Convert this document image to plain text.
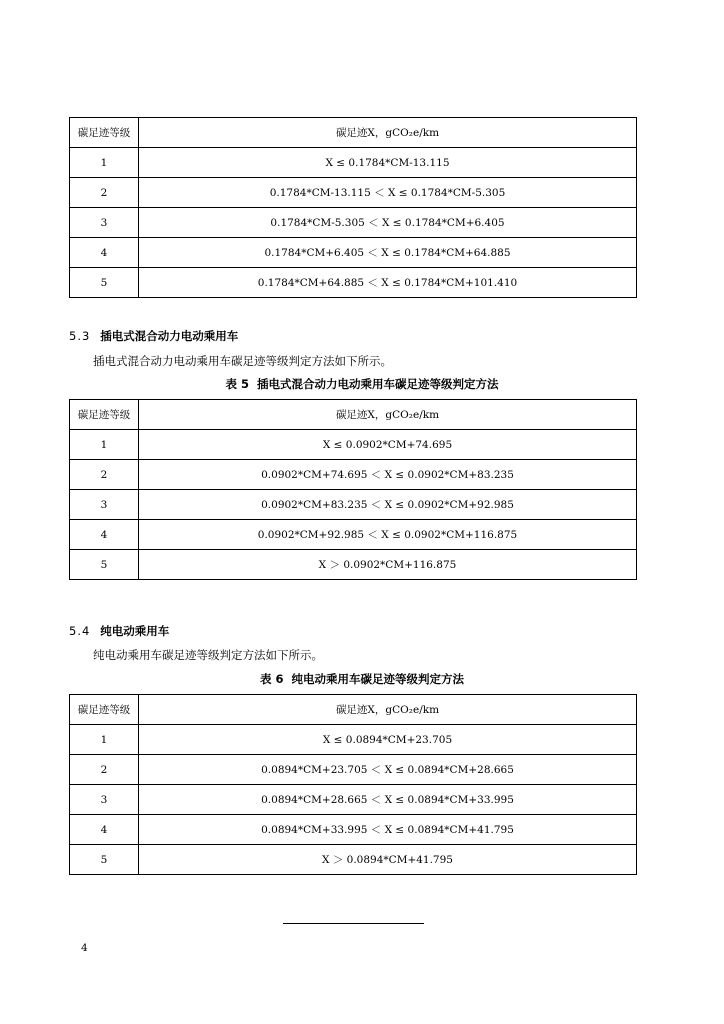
碳足迹等级	碳足迹X，gCO₂e/km
1	X ≤ 0.1784*CM-13.115
2	0.1784*CM-13.115 ＜ X ≤ 0.1784*CM-5.305
3	0.1784*CM-5.305 ＜ X ≤ 0.1784*CM+6.405
4	0.1784*CM+6.405 ＜ X ≤ 0.1784*CM+64.885
5	0.1784*CM+64.885 ＜ X ≤ 0.1784*CM+101.410
5.3 插电式混合动力电动乘用车
插电式混合动力电动乘用车碳足迹等级判定方法如下所示。
表 5 插电式混合动力电动乘用车碳足迹等级判定方法
碳足迹等级	碳足迹X，gCO₂e/km
1	X ≤ 0.0902*CM+74.695
2	0.0902*CM+74.695 ＜ X ≤ 0.0902*CM+83.235
3	0.0902*CM+83.235 ＜ X ≤ 0.0902*CM+92.985
4	0.0902*CM+92.985 ＜ X ≤ 0.0902*CM+116.875
5	X ＞ 0.0902*CM+116.875
5.4 纯电动乘用车
纯电动乘用车碳足迹等级判定方法如下所示。
表 6 纯电动乘用车碳足迹等级判定方法
碳足迹等级	碳足迹X，gCO₂e/km
1	X ≤ 0.0894*CM+23.705
2	0.0894*CM+23.705 ＜ X ≤ 0.0894*CM+28.665
3	0.0894*CM+28.665 ＜ X ≤ 0.0894*CM+33.995
4	0.0894*CM+33.995 ＜ X ≤ 0.0894*CM+41.795
5	X ＞ 0.0894*CM+41.795
4
